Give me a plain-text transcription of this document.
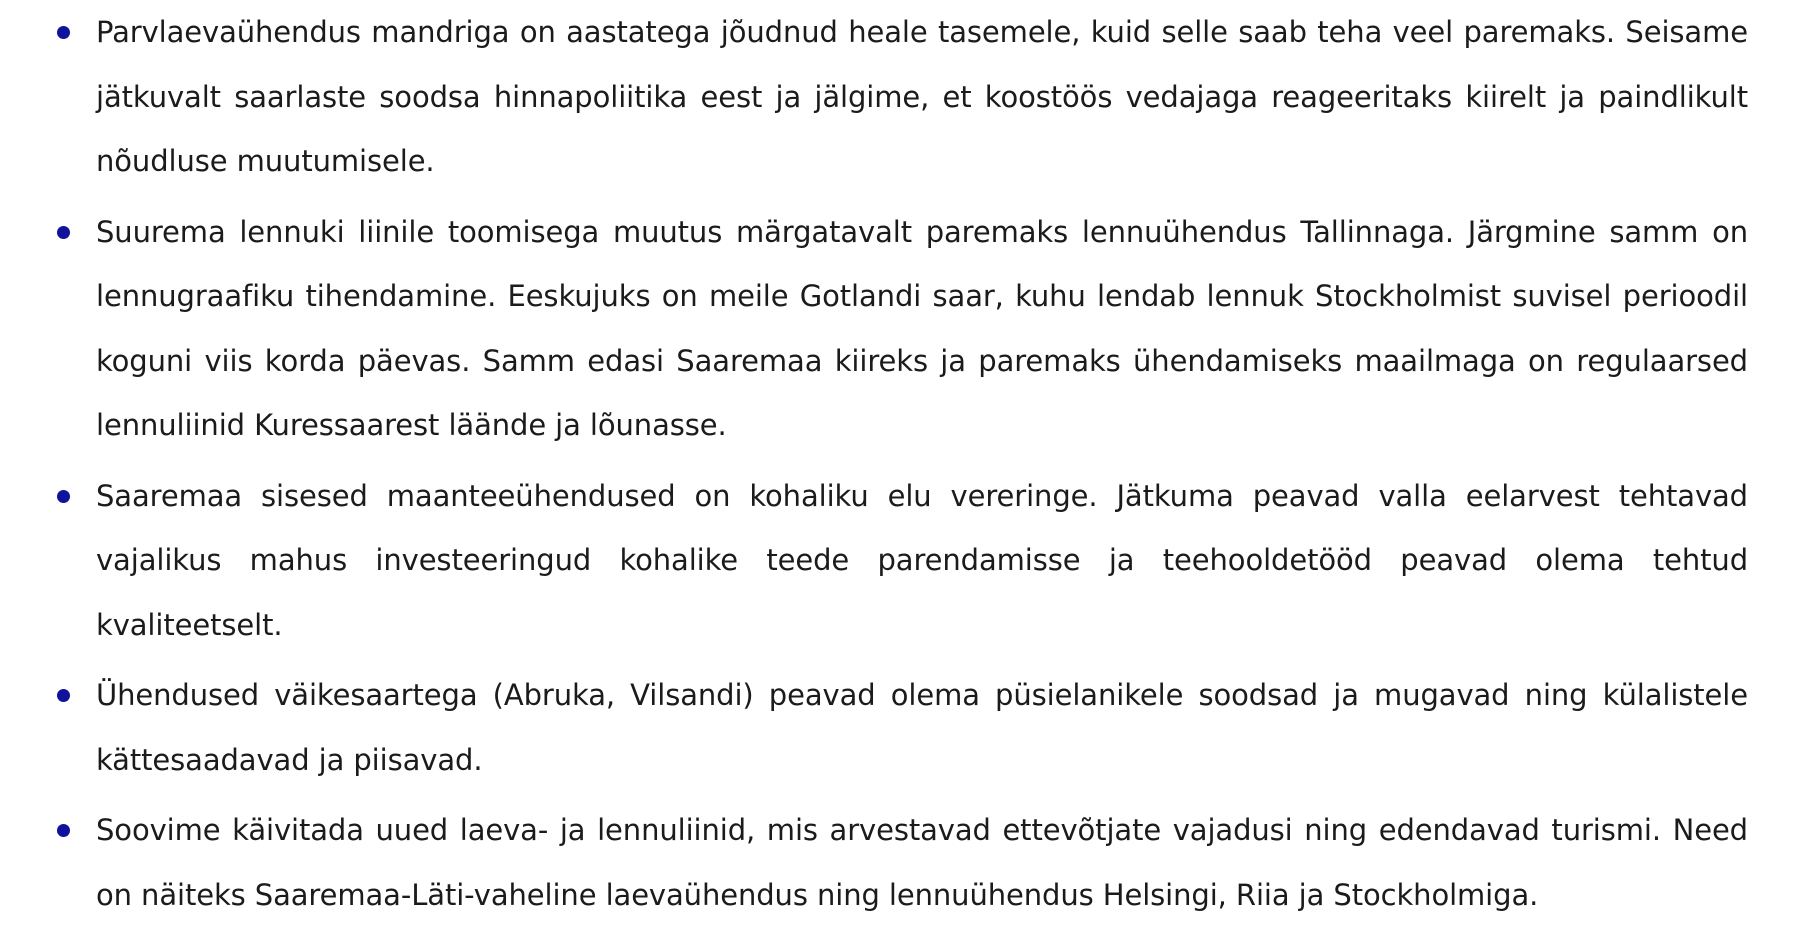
Parvlaevaühendus mandriga on aastatega jõudnud heale tasemele, kuid selle saab teha veel paremaks. Seisame jätkuvalt saarlaste soodsa hinnapoliitika eest ja jälgime, et koostöös vedajaga reageeritaks kiirelt ja paindlikult nõudluse muutumisele.
Suurema lennuki liinile toomisega muutus märgatavalt paremaks lennuühendus Tallinnaga. Järgmine samm on lennugraafiku tihendamine. Eeskujuks on meile Gotlandi saar, kuhu lendab lennuk Stockholmist suvisel perioodil koguni viis korda päevas. Samm edasi Saaremaa kiireks ja paremaks ühendamiseks maailmaga on regulaarsed lennuliinid Kuressaarest läände ja lõunasse.
Saaremaa sisesed maanteeühendused on kohaliku elu vereringe. Jätkuma peavad valla eelarvest tehtavad vajalikus mahus investeeringud kohalike teede parendamisse ja teehooldetööd peavad olema tehtud kvaliteetselt.
Ühendused väikesaartega (Abruka, Vilsandi) peavad olema püsielanikele soodsad ja mugavad ning külalistele kättesaadavad ja piisavad.
Soovime käivitada uued laeva- ja lennuliinid, mis arvestavad ettevõtjate vajadusi ning edendavad turismi. Need on näiteks Saaremaa-Läti-vaheline laevaühendus ning lennuühendus Helsingi, Riia ja Stockholmiga.
